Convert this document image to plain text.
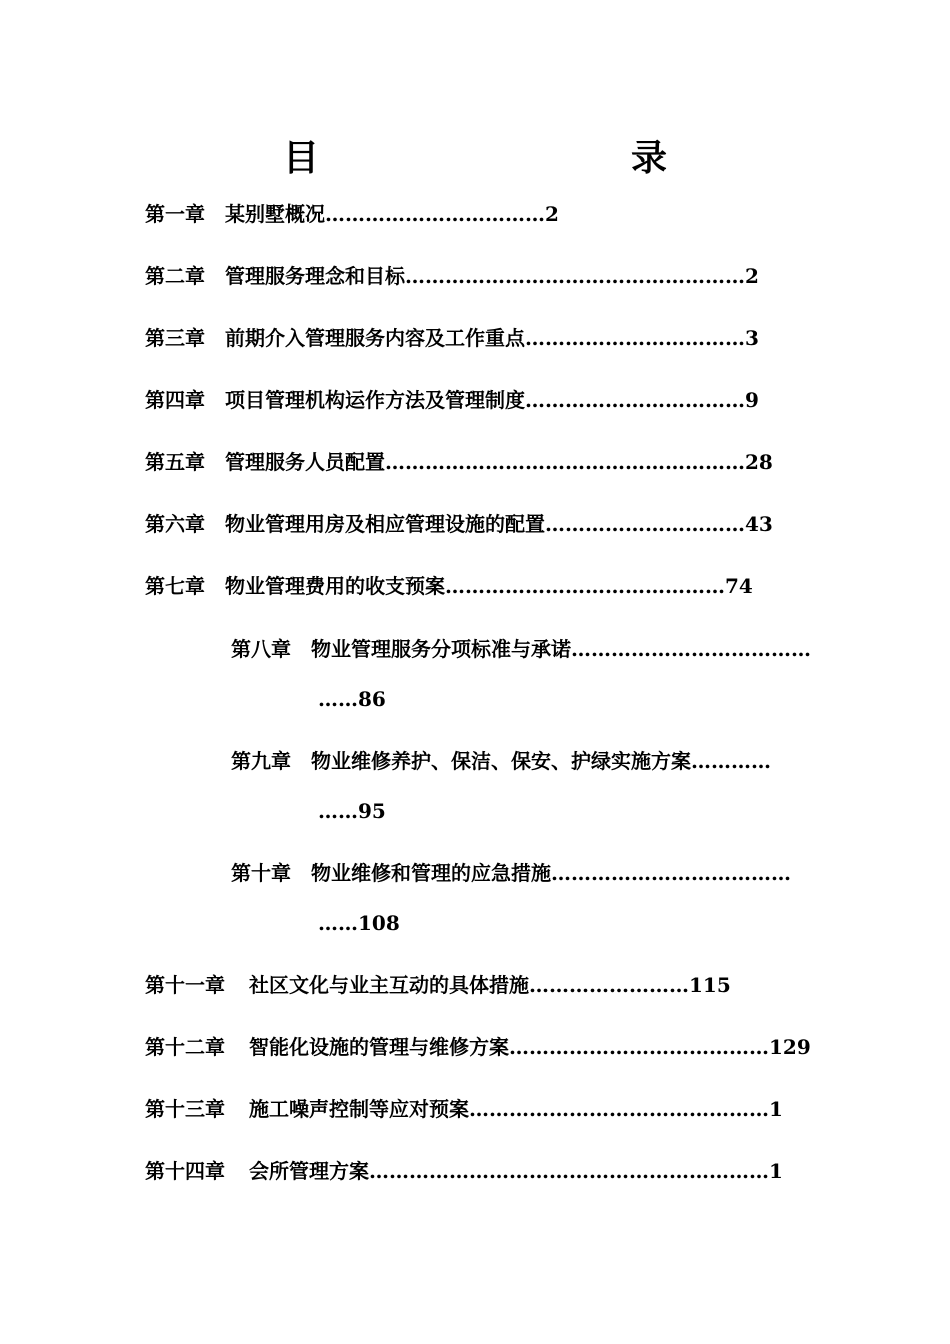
目　　录
第一章 某别墅概况……………………………2
第二章 管理服务理念和目标……………………………………………2
第三章 前期介入管理服务内容及工作重点……………………………3
第四章 项目管理机构运作方法及管理制度……………………………9
第五章 管理服务人员配置………………………………………………28
第六章 物业管理用房及相应管理设施的配置…………………………43
第七章 物业管理费用的收支预案……………………………………74
第八章 物业管理服务分项标准与承诺………………………………
……86
第九章 物业维修养护、保洁、保安、护绿实施方案…………
……95
第十章 物业维修和管理的应急措施………………………………
……108
第十一章 社区文化与业主互动的具体措施……………………115
第十二章 智能化设施的管理与维修方案…………………………………129
第十三章 施工噪声控制等应对预案………………………………………1
第十四章 会所管理方案……………………………………………………1
